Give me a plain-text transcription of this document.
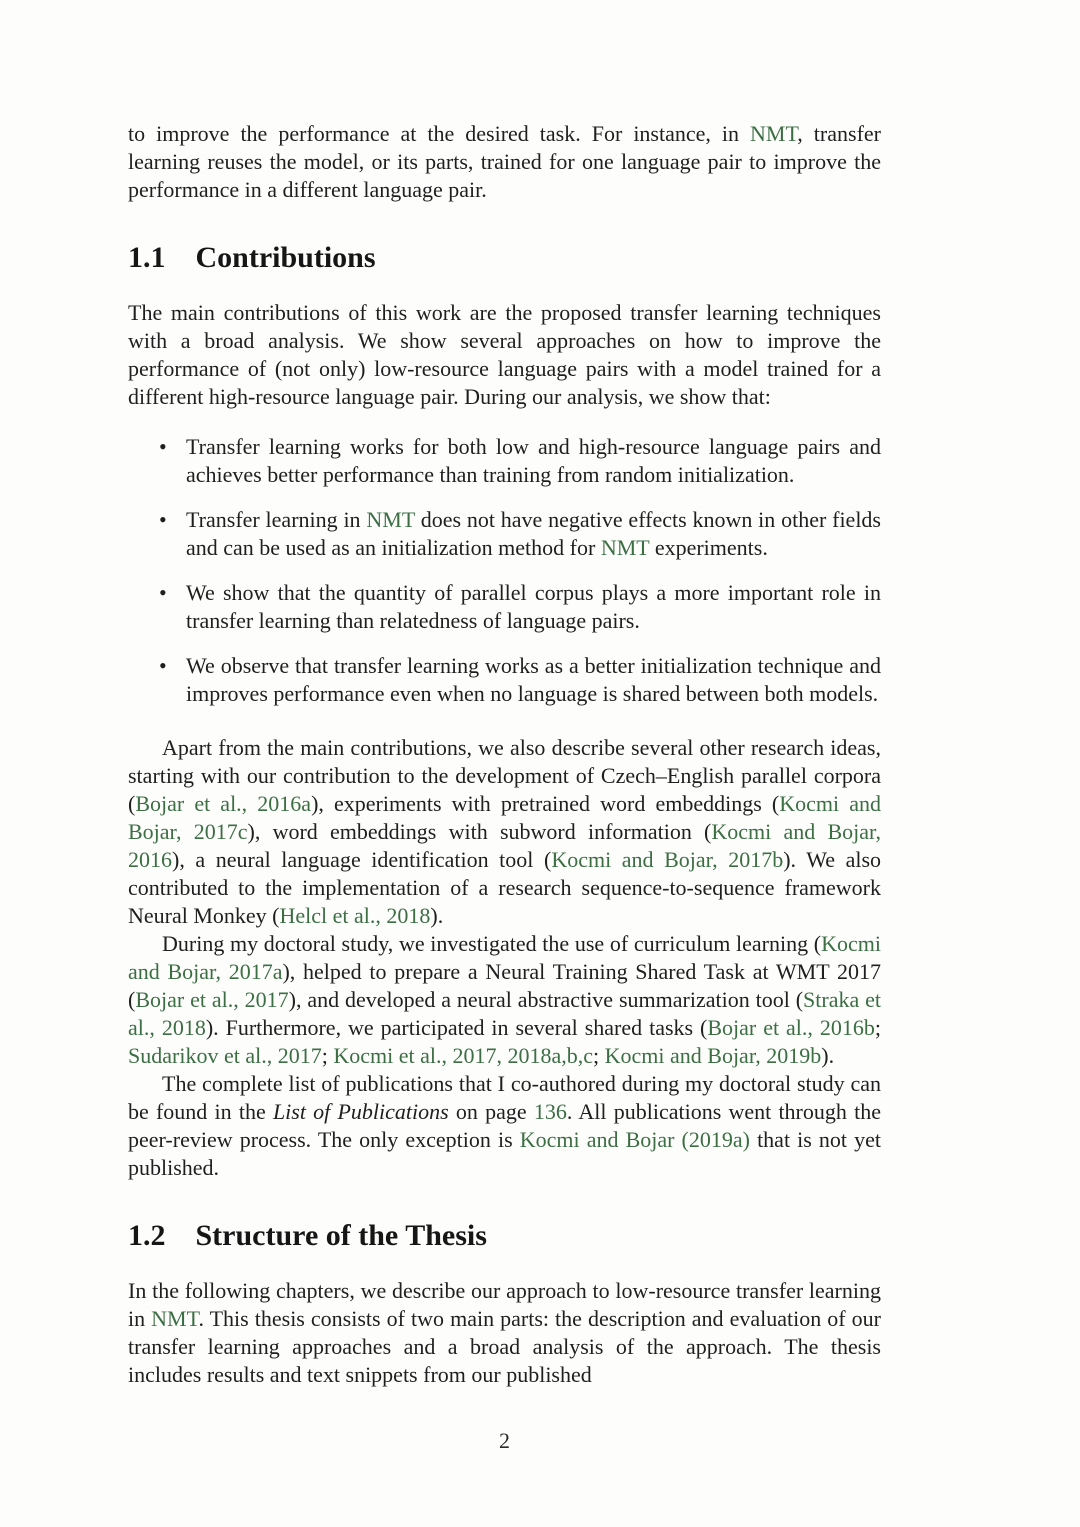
to improve the performance at the desired task. For instance, in NMT, transfer learning reuses the model, or its parts, trained for one language pair to improve the performance in a different language pair.

1.1 Contributions

The main contributions of this work are the proposed transfer learning techniques with a broad analysis. We show several approaches on how to improve the performance of (not only) low-resource language pairs with a model trained for a different high-resource language pair. During our analysis, we show that:

• Transfer learning works for both low and high-resource language pairs and achieves better performance than training from random initialization.
• Transfer learning in NMT does not have negative effects known in other fields and can be used as an initialization method for NMT experiments.
• We show that the quantity of parallel corpus plays a more important role in transfer learning than relatedness of language pairs.
• We observe that transfer learning works as a better initialization technique and improves performance even when no language is shared between both models.

Apart from the main contributions, we also describe several other research ideas, starting with our contribution to the development of Czech–English parallel corpora (Bojar et al., 2016a), experiments with pretrained word embeddings (Kocmi and Bojar, 2017c), word embeddings with subword information (Kocmi and Bojar, 2016), a neural language identification tool (Kocmi and Bojar, 2017b). We also contributed to the implementation of a research sequence-to-sequence framework Neural Monkey (Helcl et al., 2018).

During my doctoral study, we investigated the use of curriculum learning (Kocmi and Bojar, 2017a), helped to prepare a Neural Training Shared Task at WMT 2017 (Bojar et al., 2017), and developed a neural abstractive summarization tool (Straka et al., 2018). Furthermore, we participated in several shared tasks (Bojar et al., 2016b; Sudarikov et al., 2017; Kocmi et al., 2017, 2018a,b,c; Kocmi and Bojar, 2019b).

The complete list of publications that I co-authored during my doctoral study can be found in the List of Publications on page 136. All publications went through the peer-review process. The only exception is Kocmi and Bojar (2019a) that is not yet published.

1.2 Structure of the Thesis

In the following chapters, we describe our approach to low-resource transfer learning in NMT. This thesis consists of two main parts: the description and evaluation of our transfer learning approaches and a broad analysis of the approach. The thesis includes results and text snippets from our published

2
